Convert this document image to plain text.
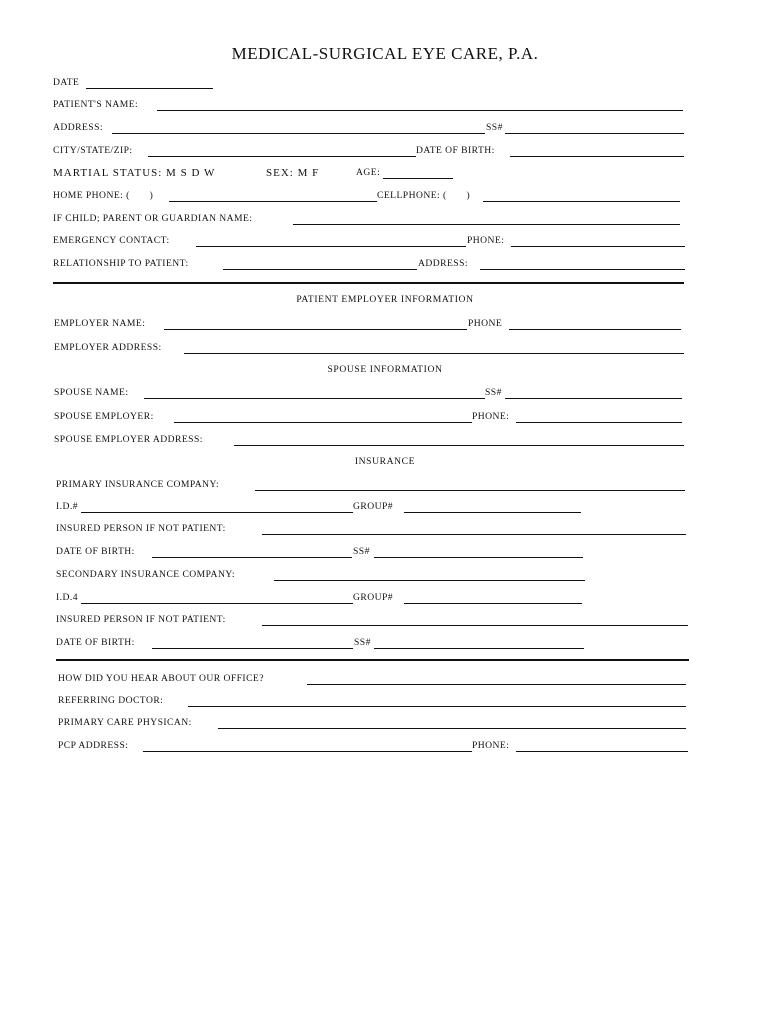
MEDICAL-SURGICAL EYE CARE, P.A.
DATE
PATIENT'S NAME:
ADDRESS:	SS#
CITY/STATE/ZIP:	DATE OF BIRTH:
MARTIAL STATUS: M S D W	SEX: M F	AGE:
HOME PHONE: (       )	CELLPHONE: (       )
IF CHILD; PARENT OR GUARDIAN NAME:
EMERGENCY CONTACT:	PHONE:
RELATIONSHIP TO PATIENT:	ADDRESS:
PATIENT EMPLOYER INFORMATION
EMPLOYER NAME:	PHONE
EMPLOYER ADDRESS:
SPOUSE INFORMATION
SPOUSE NAME:	SS#
SPOUSE EMPLOYER:	PHONE:
SPOUSE EMPLOYER ADDRESS:
INSURANCE
PRIMARY INSURANCE COMPANY:
I.D.#	GROUP#
INSURED PERSON IF NOT PATIENT:
DATE OF BIRTH:	SS#
SECONDARY INSURANCE COMPANY:
I.D.4	GROUP#
INSURED PERSON IF NOT PATIENT:
DATE OF BIRTH:	SS#
HOW DID YOU HEAR ABOUT OUR OFFICE?
REFERRING DOCTOR:
PRIMARY CARE PHYSICAN:
PCP ADDRESS:	PHONE:
